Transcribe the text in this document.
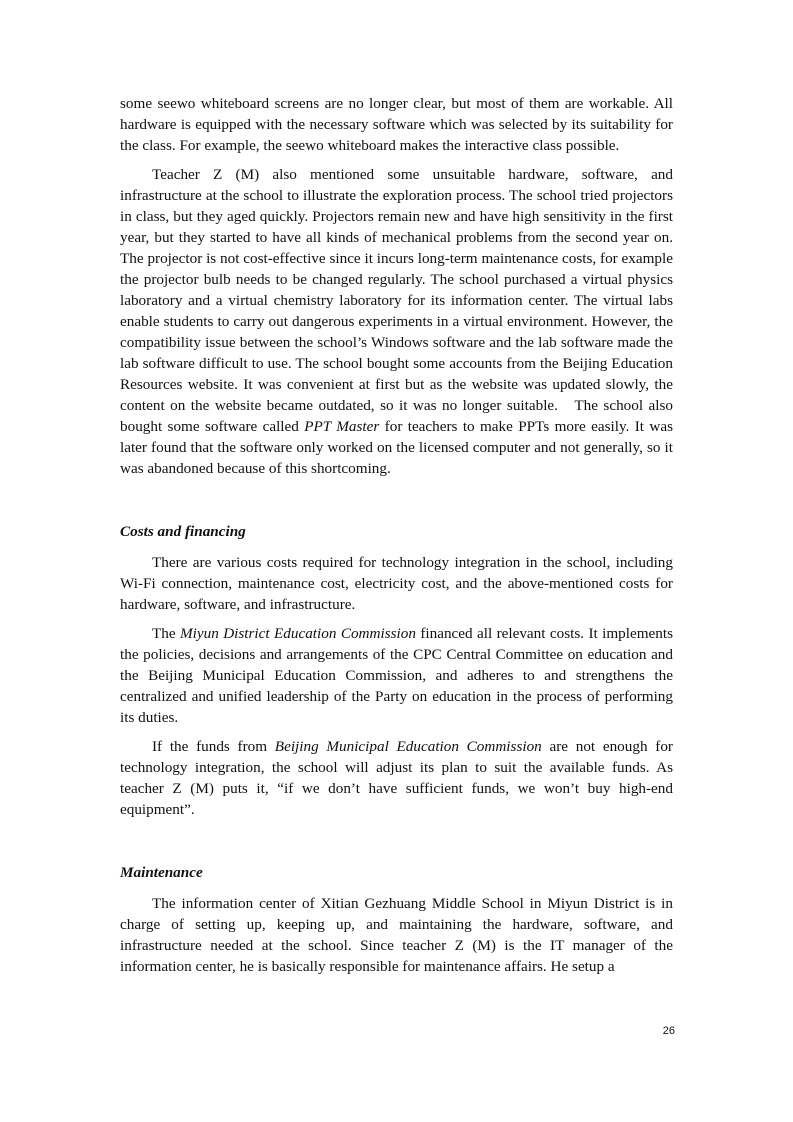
some seewo whiteboard screens are no longer clear, but most of them are workable. All hardware is equipped with the necessary software which was selected by its suitability for the class. For example, the seewo whiteboard makes the interactive class possible.

Teacher Z (M) also mentioned some unsuitable hardware, software, and infrastructure at the school to illustrate the exploration process. The school tried projectors in class, but they aged quickly. Projectors remain new and have high sensitivity in the first year, but they started to have all kinds of mechanical problems from the second year on. The projector is not cost-effective since it incurs long-term maintenance costs, for example the projector bulb needs to be changed regularly. The school purchased a virtual physics laboratory and a virtual chemistry laboratory for its information center. The virtual labs enable students to carry out dangerous experiments in a virtual environment. However, the compatibility issue between the school’s Windows software and the lab software made the lab software difficult to use. The school bought some accounts from the Beijing Education Resources website. It was convenient at first but as the website was updated slowly, the content on the website became outdated, so it was no longer suitable.   The school also bought some software called PPT Master for teachers to make PPTs more easily. It was later found that the software only worked on the licensed computer and not generally, so it was abandoned because of this shortcoming.

Costs and financing

There are various costs required for technology integration in the school, including Wi-Fi connection, maintenance cost, electricity cost, and the above-mentioned costs for hardware, software, and infrastructure.

The Miyun District Education Commission financed all relevant costs. It implements the policies, decisions and arrangements of the CPC Central Committee on education and the Beijing Municipal Education Commission, and adheres to and strengthens the centralized and unified leadership of the Party on education in the process of performing its duties.

If the funds from Beijing Municipal Education Commission are not enough for technology integration, the school will adjust its plan to suit the available funds. As teacher Z (M) puts it, “if we don’t have sufficient funds, we won’t buy high-end equipment”.

Maintenance

The information center of Xitian Gezhuang Middle School in Miyun District is in charge of setting up, keeping up, and maintaining the hardware, software, and infrastructure needed at the school. Since teacher Z (M) is the IT manager of the information center, he is basically responsible for maintenance affairs. He setup a

26
